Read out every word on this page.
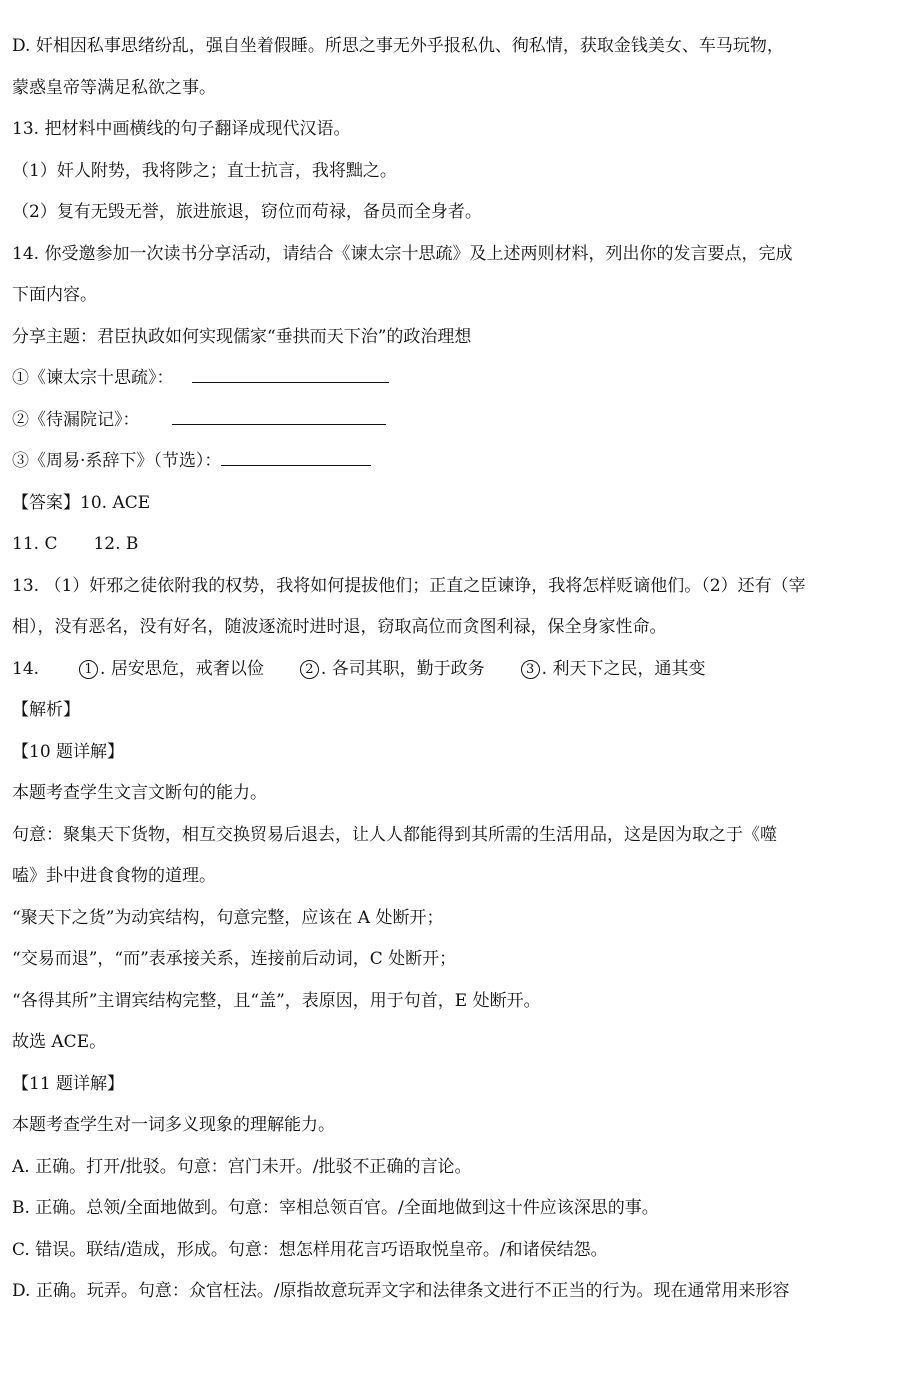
D. 奸相因私事思绪纷乱，强自坐着假睡。所思之事无外乎报私仇、徇私情，获取金钱美女、车马玩物，

蒙惑皇帝等满足私欲之事。

13. 把材料中画横线的句子翻译成现代汉语。

（1）奸人附势，我将陟之；直士抗言，我将黜之。

（2）复有无毁无誉，旅进旅退，窃位而苟禄，备员而全身者。

14. 你受邀参加一次读书分享活动，请结合《谏太宗十思疏》及上述两则材料，列出你的发言要点，完成

下面内容。

分享主题：君臣执政如何实现儒家“垂拱而天下治”的政治理想

①《谏太宗十思疏》：

②《待漏院记》：

③《周易·系辞下》（节选）：

【答案】10. ACE

11. C 12. B

13. （1）奸邪之徒依附我的权势，我将如何提拔他们；正直之臣谏诤，我将怎样贬谪他们。（2）还有（宰

相），没有恶名，没有好名，随波逐流时进时退，窃取高位而贪图利禄，保全身家性命。

14.	1 . 居安思危，戒奢以俭	2 . 各司其职，勤于政务	3 . 利天下之民，通其变

【解析】

【10 题详解】

本题考查学生文言文断句的能力。

句意：聚集天下货物，相互交换贸易后退去，让人人都能得到其所需的生活用品，这是因为取之于《噬

嗑》卦中进食食物的道理。

“聚天下之货”为动宾结构，句意完整，应该在 A 处断开；

“交易而退”，“而”表承接关系，连接前后动词，C 处断开；

“各得其所”主谓宾结构完整，且“盖”，表原因，用于句首，E 处断开。

故选 ACE。

【11 题详解】

本题考查学生对一词多义现象的理解能力。

A. 正确。打开/批驳。句意：宫门未开。/批驳不正确的言论。

B. 正确。总领/全面地做到。句意：宰相总领百官。/全面地做到这十件应该深思的事。

C. 错误。联结/造成，形成。句意：想怎样用花言巧语取悦皇帝。/和诸侯结怨。

D. 正确。玩弄。句意：众官枉法。/原指故意玩弄文字和法律条文进行不正当的行为。现在通常用来形容
